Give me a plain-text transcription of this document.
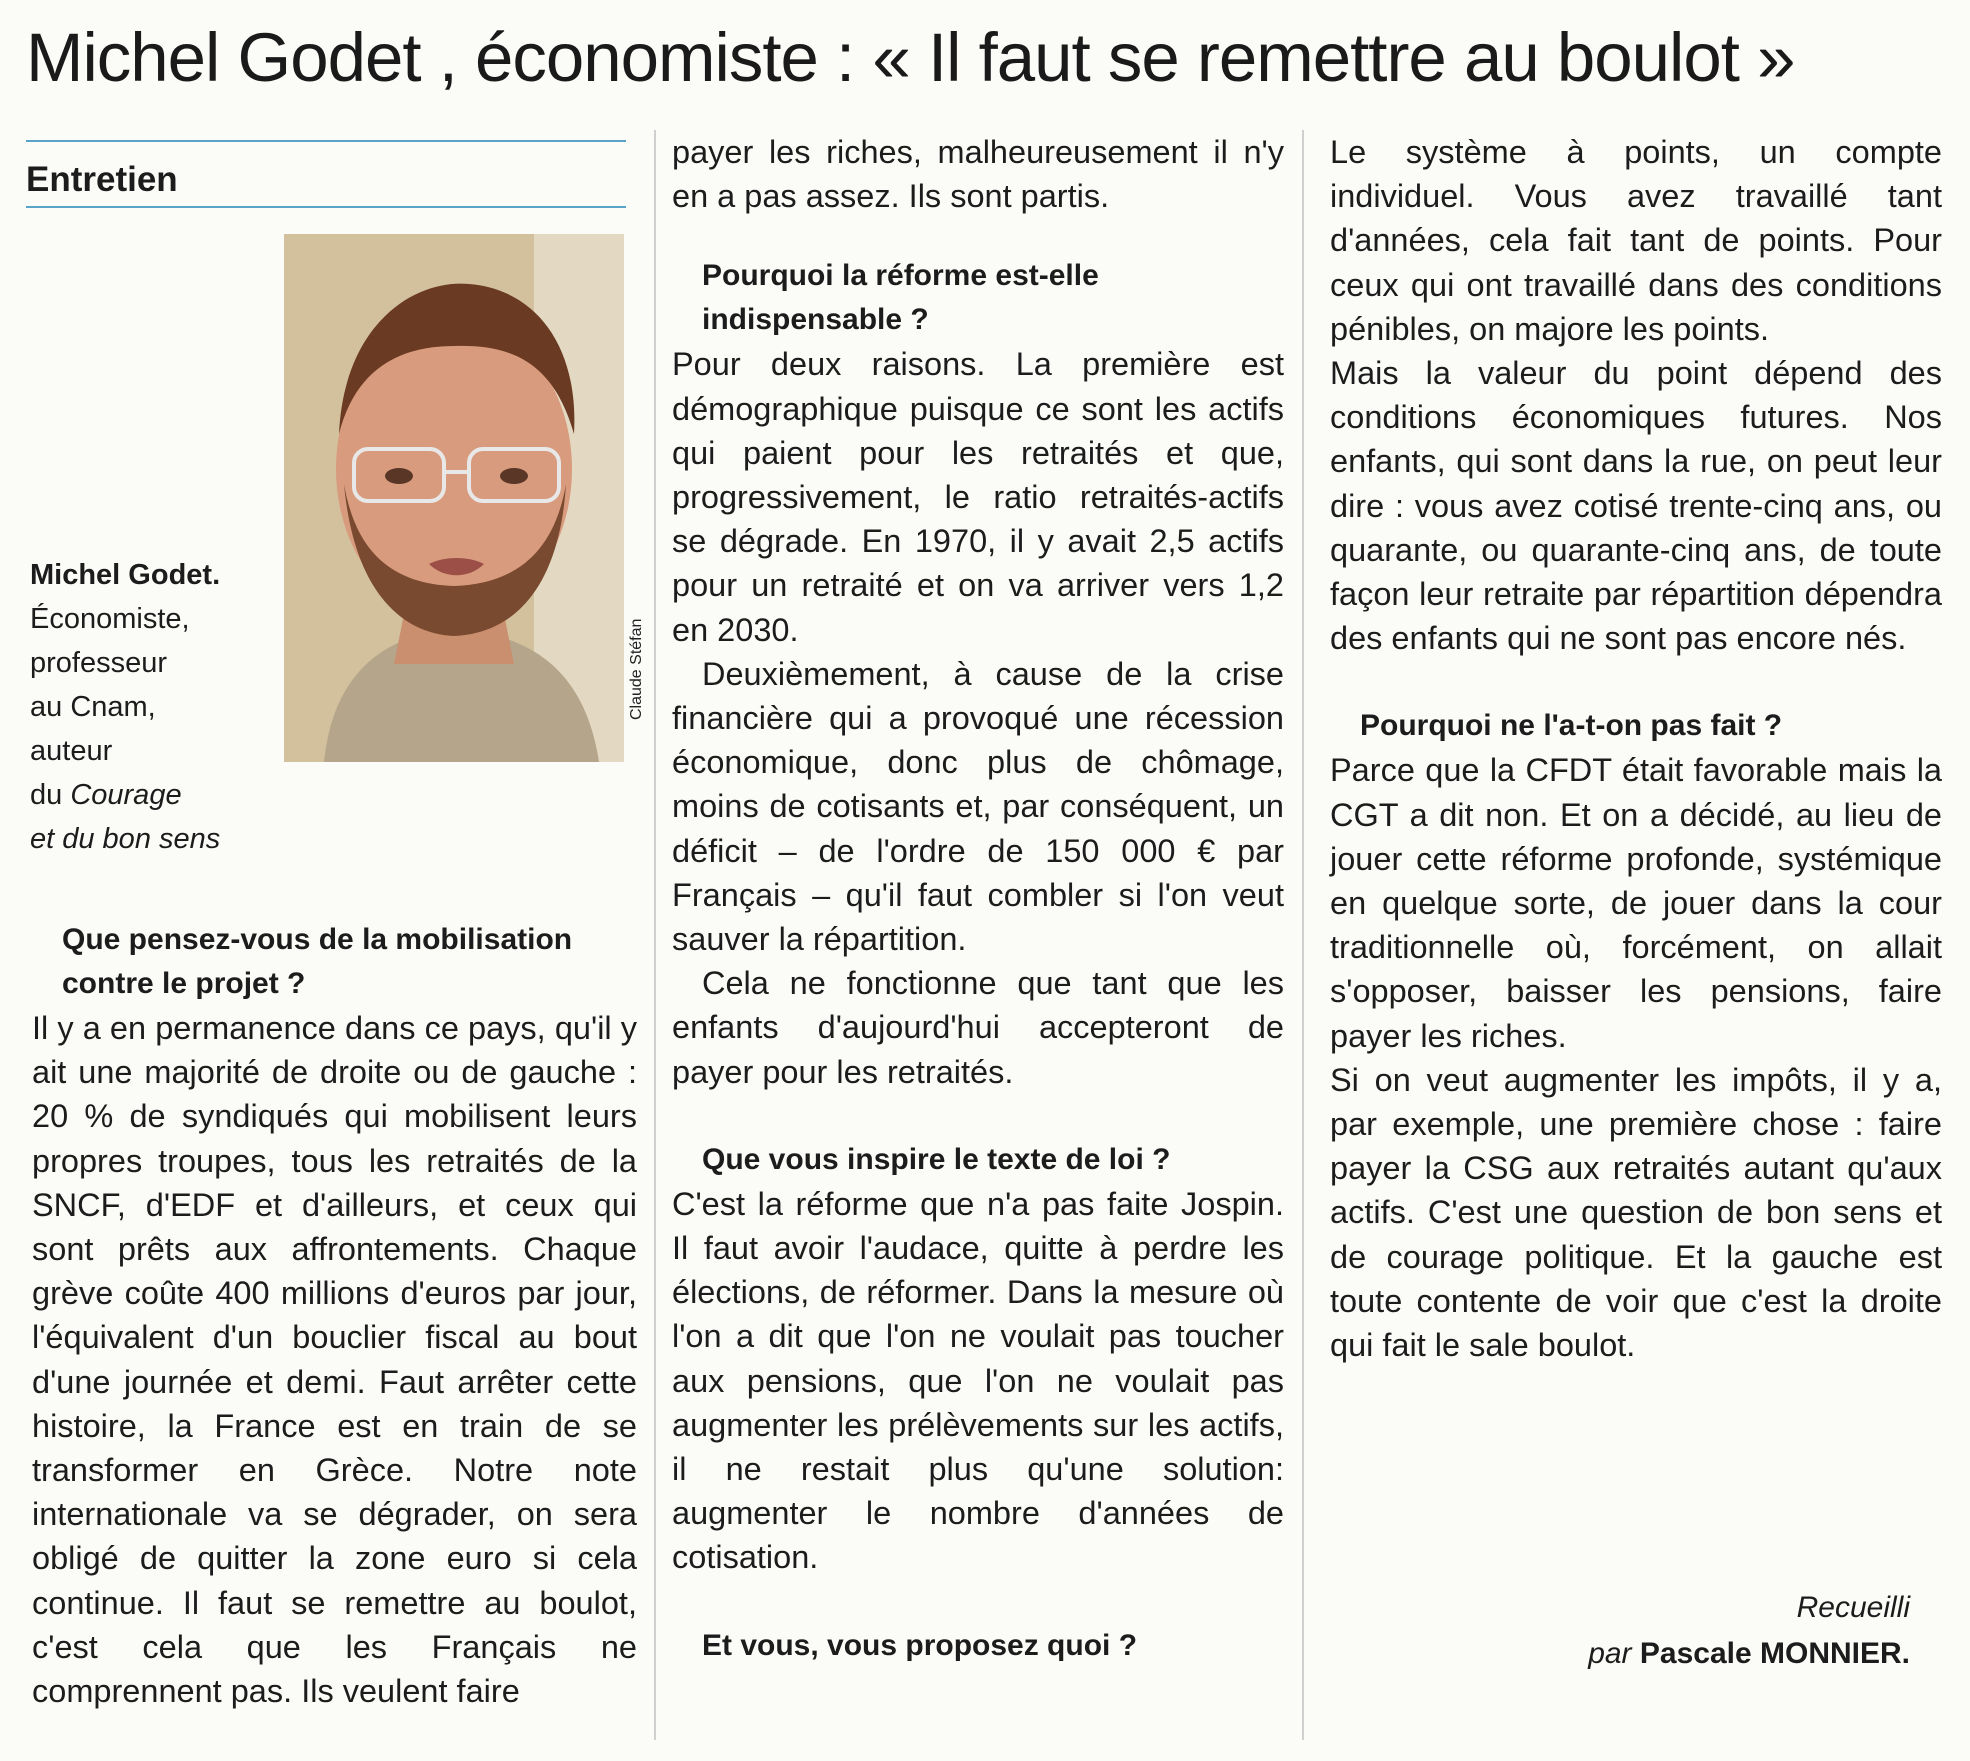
Michel Godet , économiste : « Il faut se remettre au boulot »
Entretien
Claude Stéfan
Michel Godet.
Économiste,
professeur
au Cnam,
auteur
du Courage
et du bon sens
Que pensez-vous de la mobilisation contre le projet ?

Il y a en permanence dans ce pays, qu'il y ait une majorité de droite ou de gauche : 20 % de syndiqués qui mobilisent leurs propres troupes, tous les retraités de la SNCF, d'EDF et d'ailleurs, et ceux qui sont prêts aux affrontements. Chaque grève coûte 400 millions d'euros par jour, l'équivalent d'un bouclier fiscal au bout d'une journée et demi. Faut arrêter cette histoire, la France est en train de se transformer en Grèce. Notre note internationale va se dégrader, on sera obligé de quitter la zone euro si cela continue. Il faut se remettre au boulot, c'est cela que les Français ne comprennent pas. Ils veulent faire

payer les riches, malheureusement il n'y en a pas assez. Ils sont partis.

Pourquoi la réforme est-elle indispensable ?

Pour deux raisons. La première est démographique puisque ce sont les actifs qui paient pour les retraités et que, progressivement, le ratio retraités-actifs se dégrade. En 1970, il y avait 2,5 actifs pour un retraité et on va arriver vers 1,2 en 2030.

Deuxièmement, à cause de la crise financière qui a provoqué une récession économique, donc plus de chômage, moins de cotisants et, par conséquent, un déficit – de l'ordre de 150 000 € par Français – qu'il faut combler si l'on veut sauver la répartition.

Cela ne fonctionne que tant que les enfants d'aujourd'hui accepteront de payer pour les retraités.

Que vous inspire le texte de loi ?

C'est la réforme que n'a pas faite Jospin. Il faut avoir l'audace, quitte à perdre les élections, de réformer. Dans la mesure où l'on a dit que l'on ne voulait pas toucher aux pensions, que l'on ne voulait pas augmenter les prélèvements sur les actifs, il ne restait plus qu'une solution: augmenter le nombre d'années de cotisation.

Et vous, vous proposez quoi ?

Le système à points, un compte individuel. Vous avez travaillé tant d'années, cela fait tant de points. Pour ceux qui ont travaillé dans des conditions pénibles, on majore les points.

Mais la valeur du point dépend des conditions économiques futures. Nos enfants, qui sont dans la rue, on peut leur dire : vous avez cotisé trente-cinq ans, ou quarante, ou quarante-cinq ans, de toute façon leur retraite par répartition dépendra des enfants qui ne sont pas encore nés.

Pourquoi ne l'a-t-on pas fait ?

Parce que la CFDT était favorable mais la CGT a dit non. Et on a décidé, au lieu de jouer cette réforme profonde, systémique en quelque sorte, de jouer dans la cour traditionnelle où, forcément, on allait s'opposer, baisser les pensions, faire payer les riches.

Si on veut augmenter les impôts, il y a, par exemple, une première chose : faire payer la CSG aux retraités autant qu'aux actifs. C'est une question de bon sens et de courage politique. Et la gauche est toute contente de voir que c'est la droite qui fait le sale boulot.

Recueilli
par Pascale MONNIER.
